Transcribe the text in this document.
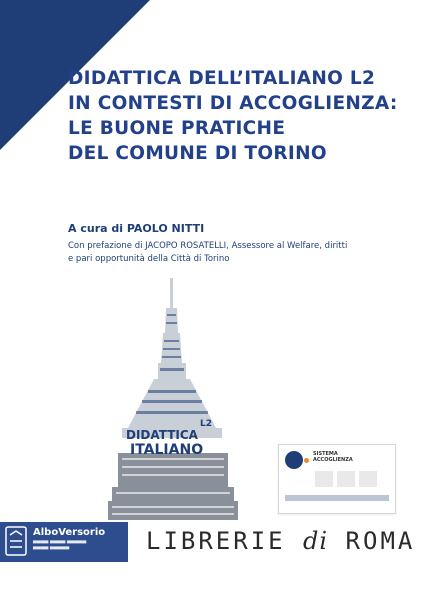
DIDATTICA DELL’ITALIANO L2
IN CONTESTI DI ACCOGLIENZA:
LE BUONE PRATICHE
DEL COMUNE DI TORINO
A cura di PAOLO NITTI
Con prefazione di JACOPO ROSATELLI, Assessore al Welfare, diritti
e pari opportunità della Città di Torino
L2
DIDATTICA
ITALIANO	SISTEMA
ACCOGLIENZA
AlboVersorio
▀▀▀▀ ▀▀▀▀ ▀▀▀▀▀
▀▀▀▀ ▀▀▀▀▀	LIBRERIE di ROMA
